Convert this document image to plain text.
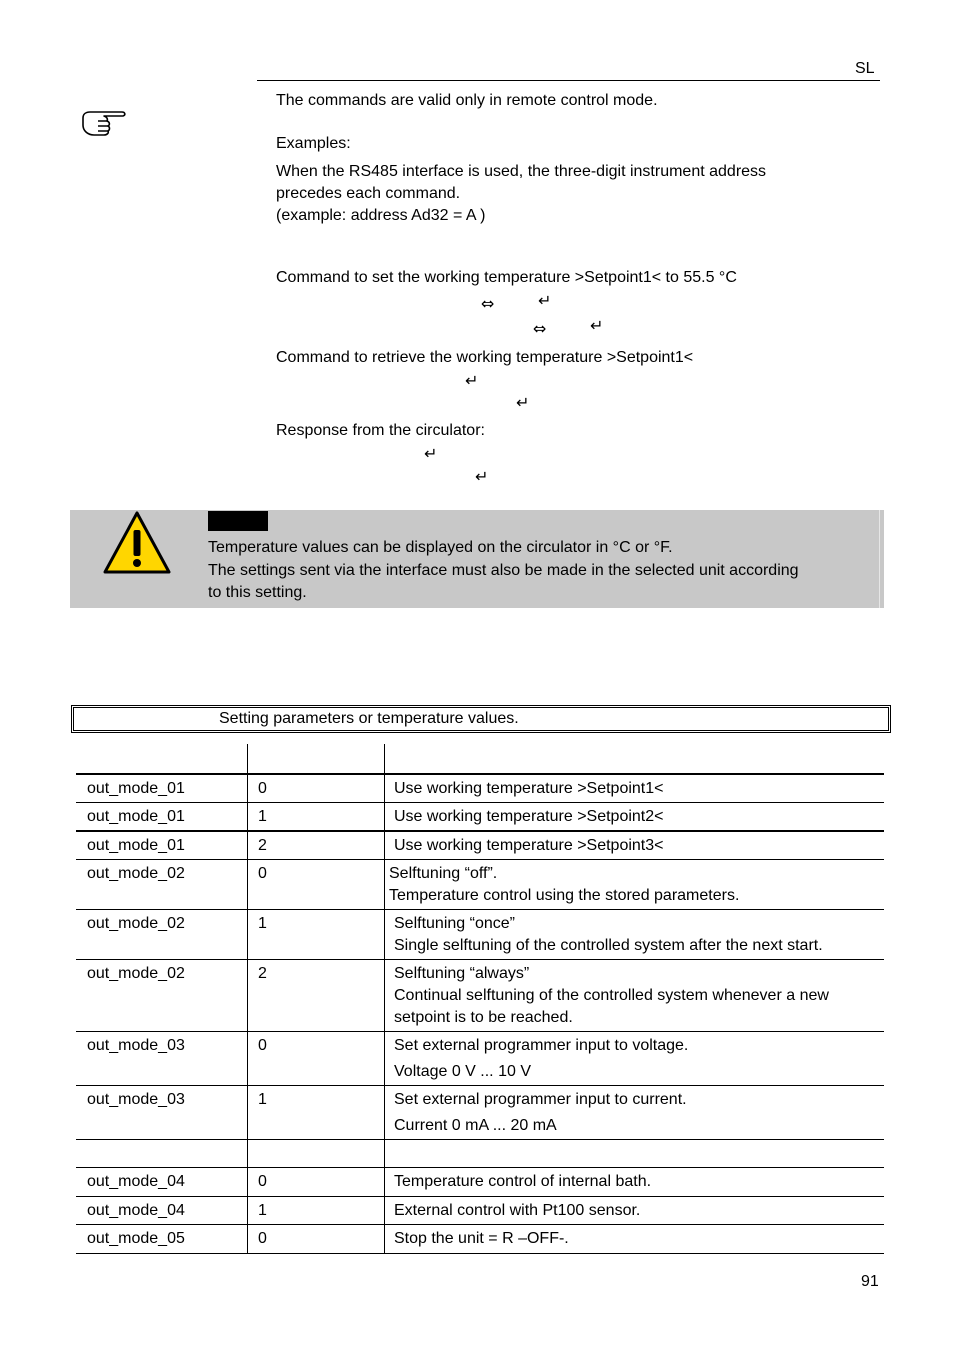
SL
The commands are valid only in remote control mode.
Examples:
When the RS485 interface is used, the three-digit instrument address
precedes each command.
(example: address Ad32 = A )
Command to set the working temperature >Setpoint1< to 55.5 °C
⇔	↵
⇔	↵
Command to retrieve the working temperature >Setpoint1<
↵
↵
Response from the circulator:
↵
↵
Temperature values can be displayed on the circulator in °C or °F.
The settings sent via the interface must also be made in the selected unit according
to this setting.
Setting parameters or temperature values.
out_mode_01	0	Use working temperature >Setpoint1<
out_mode_01	1	Use working temperature >Setpoint2<
out_mode_01	2	Use working temperature >Setpoint3<
out_mode_02	0	Selftuning “off”.
Temperature control using the stored parameters.
out_mode_02	1	Selftuning “once”
Single selftuning of the controlled system after the next start.
out_mode_02	2	Selftuning “always”
Continual selftuning of the controlled system whenever a new
setpoint is to be reached.
out_mode_03	0	Set external programmer input to voltage.
Voltage 0 V ... 10 V
out_mode_03	1	Set external programmer input to current.
Current 0 mA ... 20 mA
out_mode_04	0	Temperature control of internal bath.
out_mode_04	1	External control with Pt100 sensor.
out_mode_05	0	Stop the unit = R –OFF-.
91
